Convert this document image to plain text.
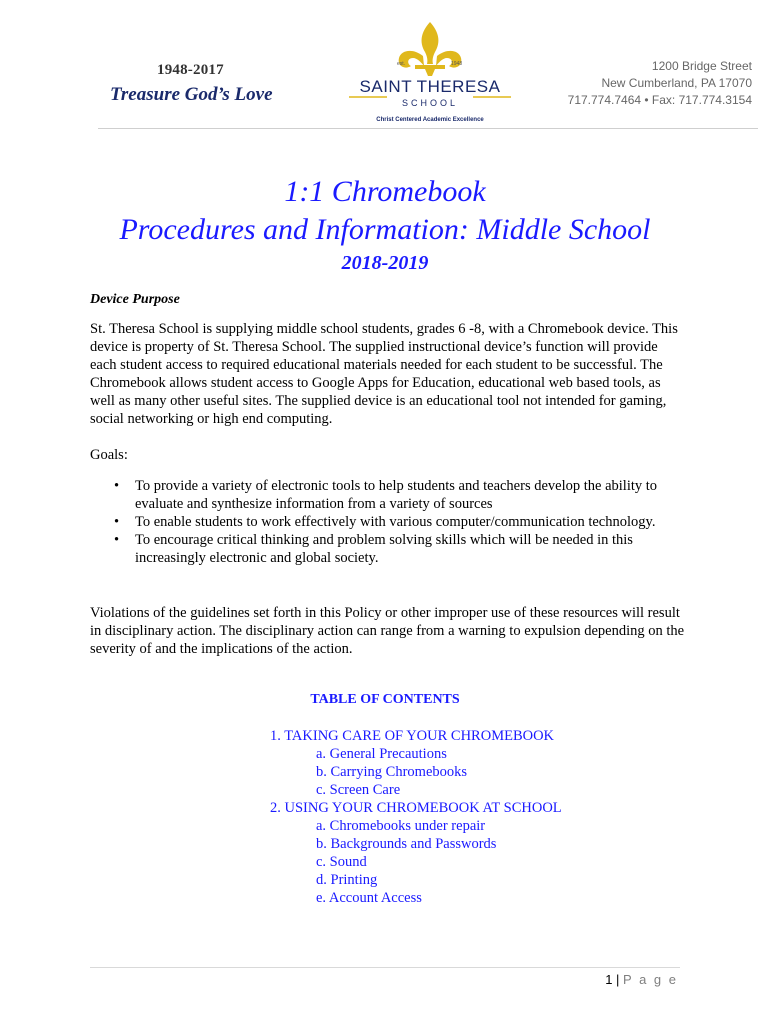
1948-2017
Treasure God’s Love
est.	1948
SAINT THERESA
SCHOOL
Christ Centered Academic Excellence
1200 Bridge Street
New Cumberland, PA 17070
717.774.7464 • Fax: 717.774.3154
1:1 Chromebook
Procedures and Information: Middle School
2018-2019
Device Purpose
St. Theresa School is supplying middle school students, grades 6 -8, with a Chromebook device. This device is property of St. Theresa School. The supplied instructional device’s function will provide each student access to required educational materials needed for each student to be successful. The Chromebook allows student access to Google Apps for Education, educational web based tools, as well as many other useful sites. The supplied device is an educational tool not intended for gaming, social networking or high end computing.
Goals:
• To provide a variety of electronic tools to help students and teachers develop the ability to evaluate and synthesize information from a variety of sources
• To enable students to work effectively with various computer/communication technology.
• To encourage critical thinking and problem solving skills which will be needed in this increasingly electronic and global society.
Violations of the guidelines set forth in this Policy or other improper use of these resources will result in disciplinary action. The disciplinary action can range from a warning to expulsion depending on the severity of and the implications of the action.
TABLE OF CONTENTS
1. TAKING CARE OF YOUR CHROMEBOOK
a. General Precautions
b. Carrying Chromebooks
c. Screen Care
2. USING YOUR CHROMEBOOK AT SCHOOL
a. Chromebooks under repair
b. Backgrounds and Passwords
c. Sound
d. Printing
e. Account Access
1 | P a g e
